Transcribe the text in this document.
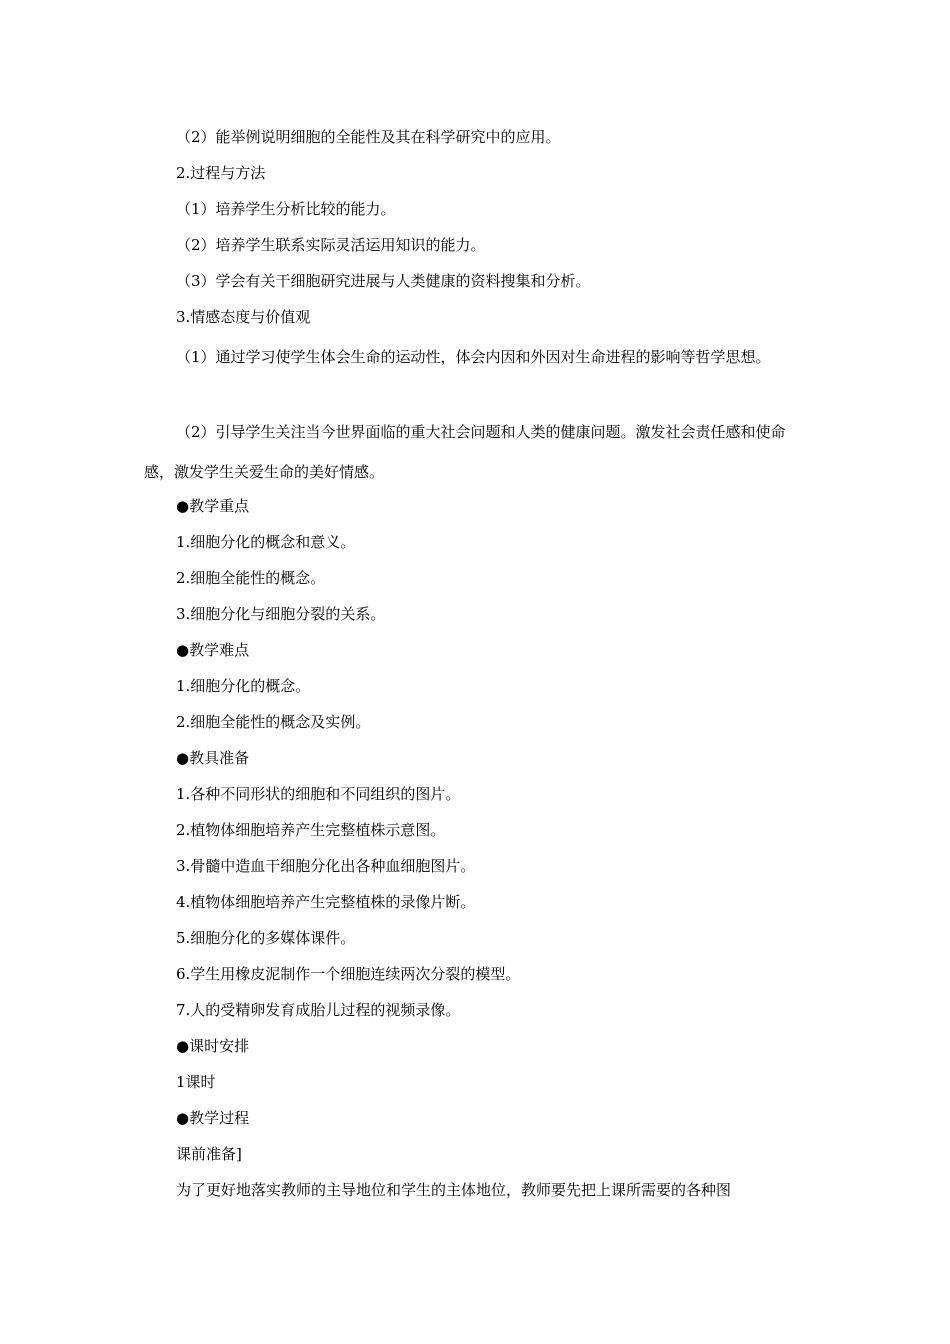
（2）能举例说明细胞的全能性及其在科学研究中的应用。
2.过程与方法
（1）培养学生分析比较的能力。
（2）培养学生联系实际灵活运用知识的能力。
（3）学会有关干细胞研究进展与人类健康的资料搜集和分析。
3.情感态度与价值观
（1）通过学习使学生体会生命的运动性，体会内因和外因对生命进程的影响等哲学思想。
（2）引导学生关注当今世界面临的重大社会问题和人类的健康问题。激发社会责任感和使命感，激发学生关爱生命的美好情感。
●教学重点
1.细胞分化的概念和意义。
2.细胞全能性的概念。
3.细胞分化与细胞分裂的关系。
●教学难点
1.细胞分化的概念。
2.细胞全能性的概念及实例。
●教具准备
1.各种不同形状的细胞和不同组织的图片。
2.植物体细胞培养产生完整植株示意图。
3.骨髓中造血干细胞分化出各种血细胞图片。
4.植物体细胞培养产生完整植株的录像片断。
5.细胞分化的多媒体课件。
6.学生用橡皮泥制作一个细胞连续两次分裂的模型。
7.人的受精卵发育成胎儿过程的视频录像。
●课时安排
1课时
●教学过程
课前准备]
为了更好地落实教师的主导地位和学生的主体地位，教师要先把上课所需要的各种图
